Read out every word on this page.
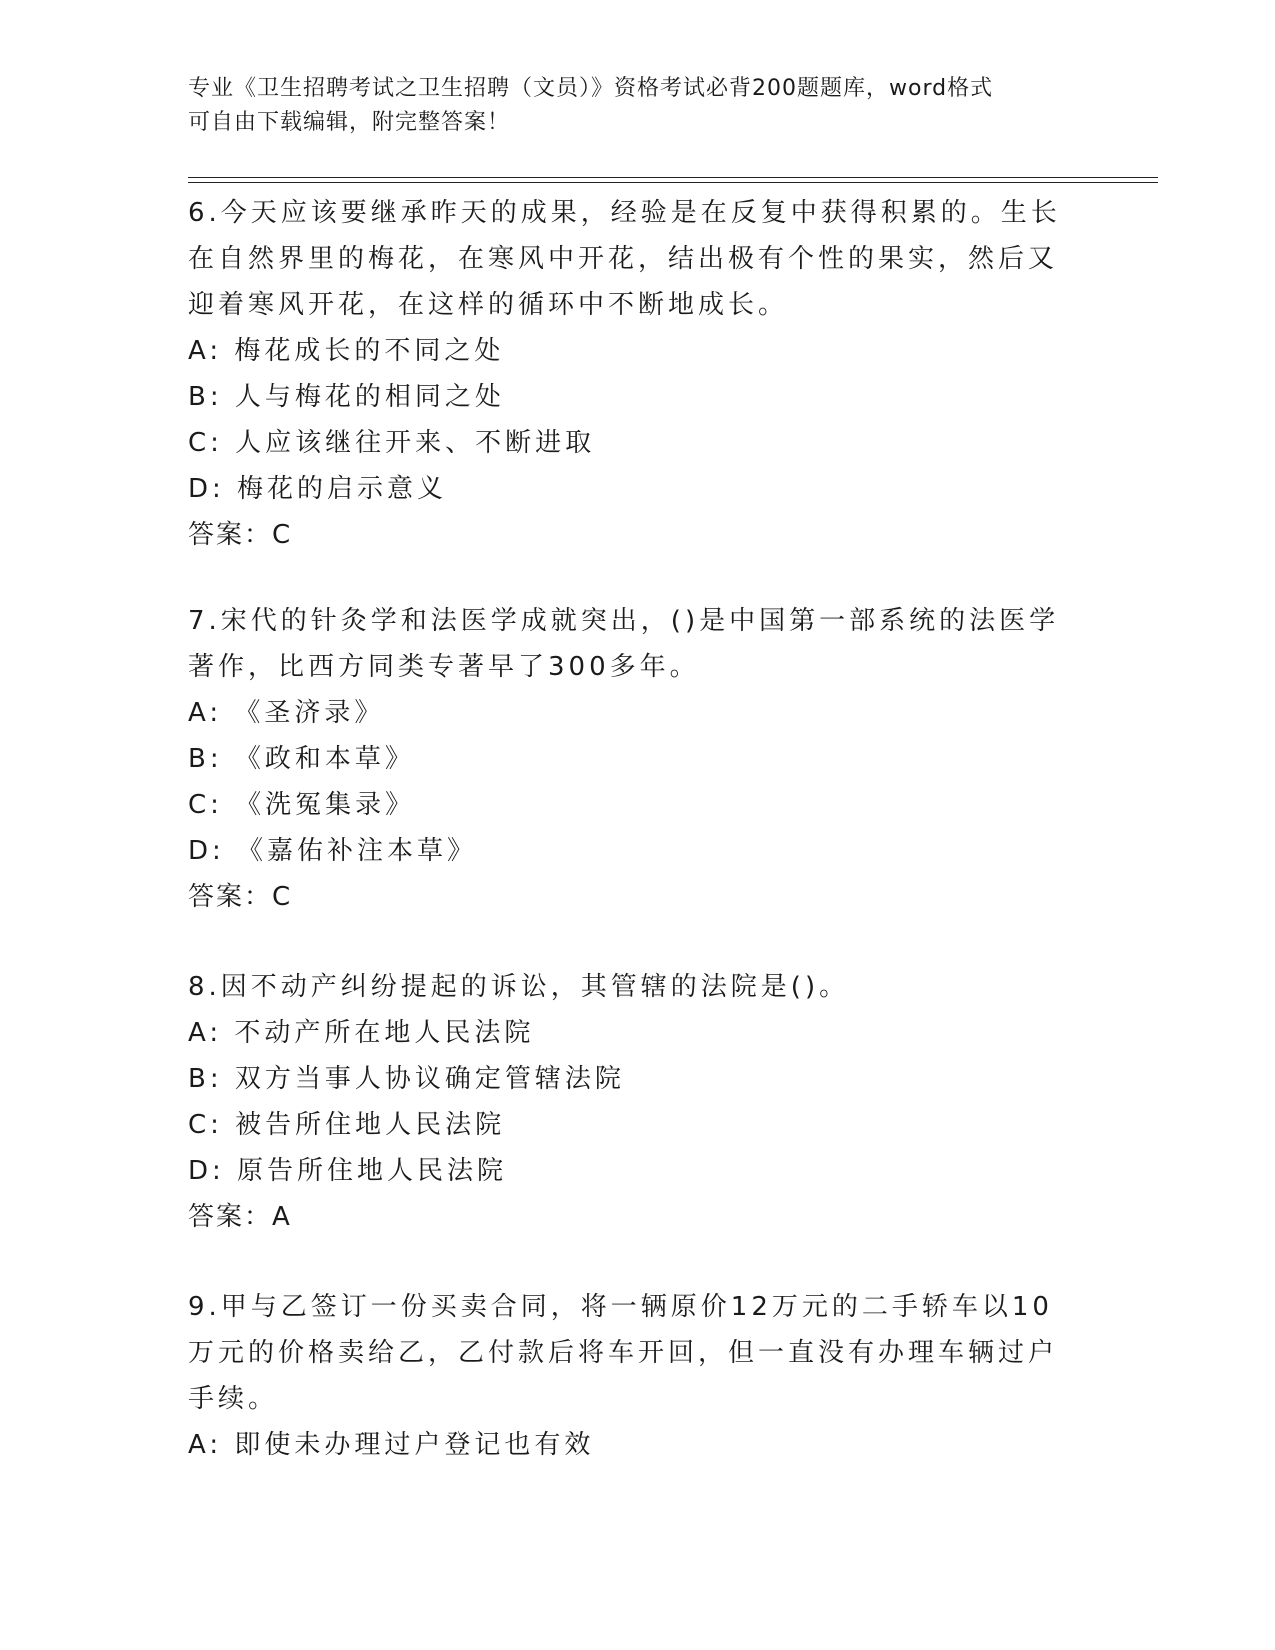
专业《卫生招聘考试之卫生招聘（文员）》资格考试必背200题题库，word格式
可自由下载编辑，附完整答案！
6.今天应该要继承昨天的成果，经验是在反复中获得积累的。生长在自然界里的梅花，在寒风中开花，结出极有个性的果实，然后又迎着寒风开花，在这样的循环中不断地成长。
A: 梅花成长的不同之处
B: 人与梅花的相同之处
C: 人应该继往开来、不断进取
D: 梅花的启示意义
答案：C
7.宋代的针灸学和法医学成就突出，()是中国第一部系统的法医学著作，比西方同类专著早了300多年。
A: 《圣济录》
B: 《政和本草》
C: 《洗冤集录》
D: 《嘉佑补注本草》
答案：C
8.因不动产纠纷提起的诉讼，其管辖的法院是()。
A: 不动产所在地人民法院
B: 双方当事人协议确定管辖法院
C: 被告所住地人民法院
D: 原告所住地人民法院
答案：A
9.甲与乙签订一份买卖合同，将一辆原价12万元的二手轿车以10万元的价格卖给乙，乙付款后将车开回，但一直没有办理车辆过户手续。
A: 即使未办理过户登记也有效
